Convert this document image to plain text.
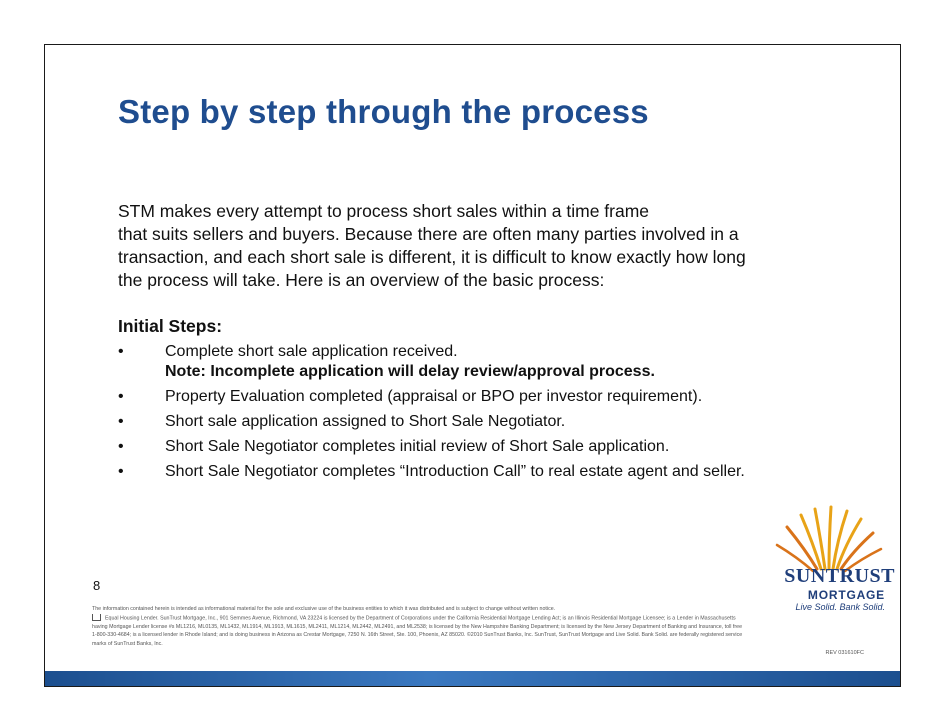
Step by step through the process
STM makes every attempt to process short sales within a time frame
that suits sellers and buyers. Because there are often many parties involved in a
transaction, and each short sale is different, it is difficult to know exactly how long
the process will take. Here is an overview of the basic process:
Initial Steps:
•	Complete short sale application received.
Note: Incomplete application will delay review/approval process.
•	Property Evaluation completed (appraisal or BPO per investor requirement).
•	Short sale application assigned to Short Sale Negotiator.
•	Short Sale Negotiator completes initial review of Short Sale application.
•	Short Sale Negotiator completes “Introduction Call” to real estate agent and seller.
8	SUNTRUST
MORTGAGE
Live Solid. Bank Solid.
The information contained herein is intended as informational material for the sole and exclusive use of the business entities to which it was distributed and is subject to change without written notice.
Equal Housing Lender. SunTrust Mortgage, Inc., 901 Semmes Avenue, Richmond, VA 23224 is licensed by the Department of Corporations under the California Residential Mortgage Lending Act; is an Illinois Residential Mortgage Licensee; is a Lender in Massachusetts
having Mortgage Lender license #s ML1216, ML0135, ML1432, ML1914, ML1913, ML1615, ML2411, ML1214, ML2442, ML2491, and ML2538; is licensed by the New Hampshire Banking Department; is licensed by the New Jersey Department of Banking and Insurance, toll free
1-800-330-4684; is a licensed lender in Rhode Island; and is doing business in Arizona as Crestar Mortgage, 7250 N. 16th Street, Ste. 100, Phoenix, AZ 85020. ©2010 SunTrust Banks, Inc. SunTrust, SunTrust Mortgage and Live Solid. Bank Solid. are federally registered service
marks of SunTrust Banks, Inc.
REV 031610FC
